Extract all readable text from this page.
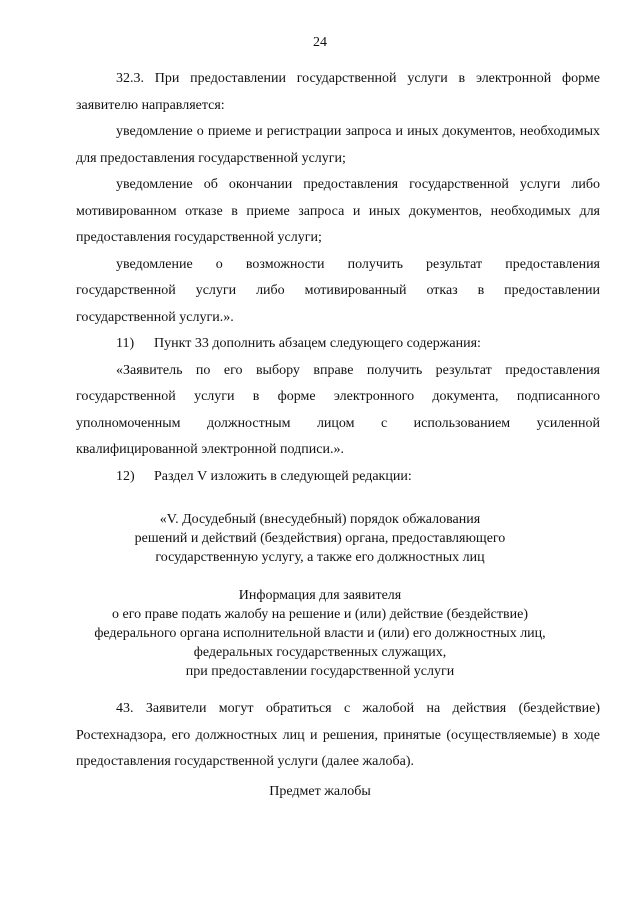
24

32.3. При предоставлении государственной услуги в электронной форме заявителю направляется:

уведомление о приеме и регистрации запроса и иных документов, необходимых для предоставления государственной услуги;

уведомление об окончании предоставления государственной услуги либо мотивированном отказе в приеме запроса и иных документов, необходимых для предоставления государственной услуги;

уведомление о возможности получить результат предоставления государственной услуги либо мотивированный отказ в предоставлении государственной услуги.».

11) Пункт 33 дополнить абзацем следующего содержания:

«Заявитель по его выбору вправе получить результат предоставления государственной услуги в форме электронного документа, подписанного уполномоченным должностным лицом с использованием усиленной квалифицированной электронной подписи.».

12) Раздел V изложить в следующей редакции:

«V. Досудебный (внесудебный) порядок обжалования
решений и действий (бездействия) органа, предоставляющего
государственную услугу, а также его должностных лиц
Информация для заявителя
о его праве подать жалобу на решение и (или) действие (бездействие)
федерального органа исполнительной власти и (или) его должностных лиц,
федеральных государственных служащих,
при предоставлении государственной услуги

43. Заявители могут обратиться с жалобой на действия (бездействие) Ростехнадзора, его должностных лиц и решения, принятые (осуществляемые) в ходе предоставления государственной услуги (далее жалоба).

Предмет жалобы
